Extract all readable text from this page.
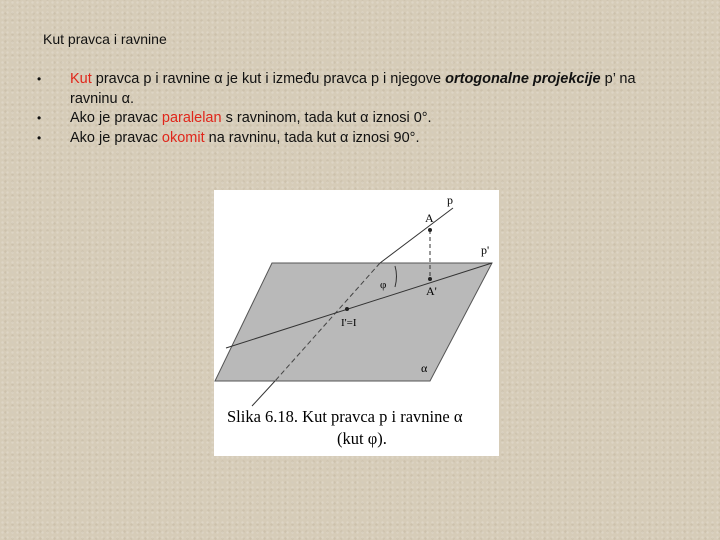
Kut pravca i ravnine
• Kut pravca p i ravnine α je kut i između pravca p i njegove ortogonalne projekcije p’ na ravninu α.
• Ako je pravac paralelan s ravninom, tada kut α iznosi 0°.
• Ako je pravac okomit na ravninu, tada kut α iznosi 90°.
p
A
p'
φ	A'
I'=I
α
Slika 6.18. Kut pravca p i ravnine α
(kut φ).
